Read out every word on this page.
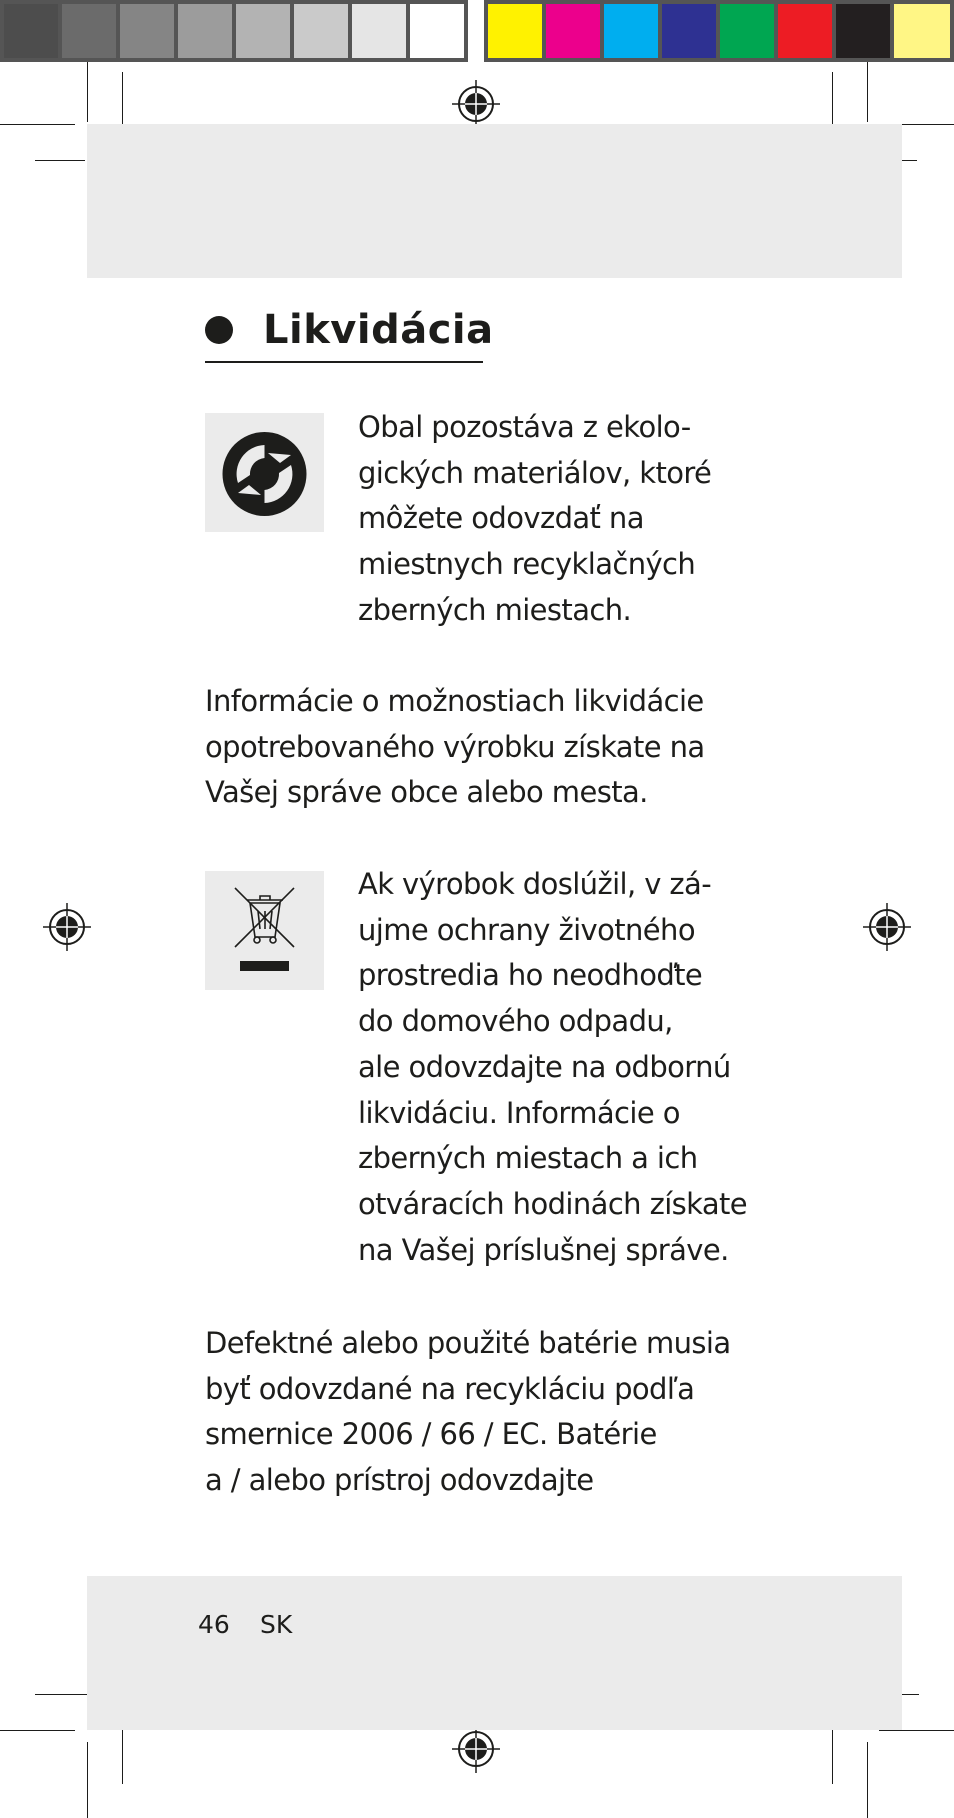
Likvidácia
Obal pozostáva z ekolo-
gických materiálov, ktoré
môžete odovzdať na
miestnych recyklačných
zberných miestach.
Informácie o možnostiach likvidácie
opotrebovaného výrobku získate na
Vašej správe obce alebo mesta.
Ak výrobok doslúžil, v zá-
ujme ochrany životného
prostredia ho neodhoďte
do domového odpadu,
ale odovzdajte na odbornú
likvidáciu. Informácie o
zberných miestach a ich
otváracích hodinách získate
na Vašej príslušnej správe.
Defektné alebo použité batérie musia
byť odovzdané na recykláciu podľa
smernice 2006 / 66 / EC. Batérie
a / alebo prístroj odovzdajte
46 SK
